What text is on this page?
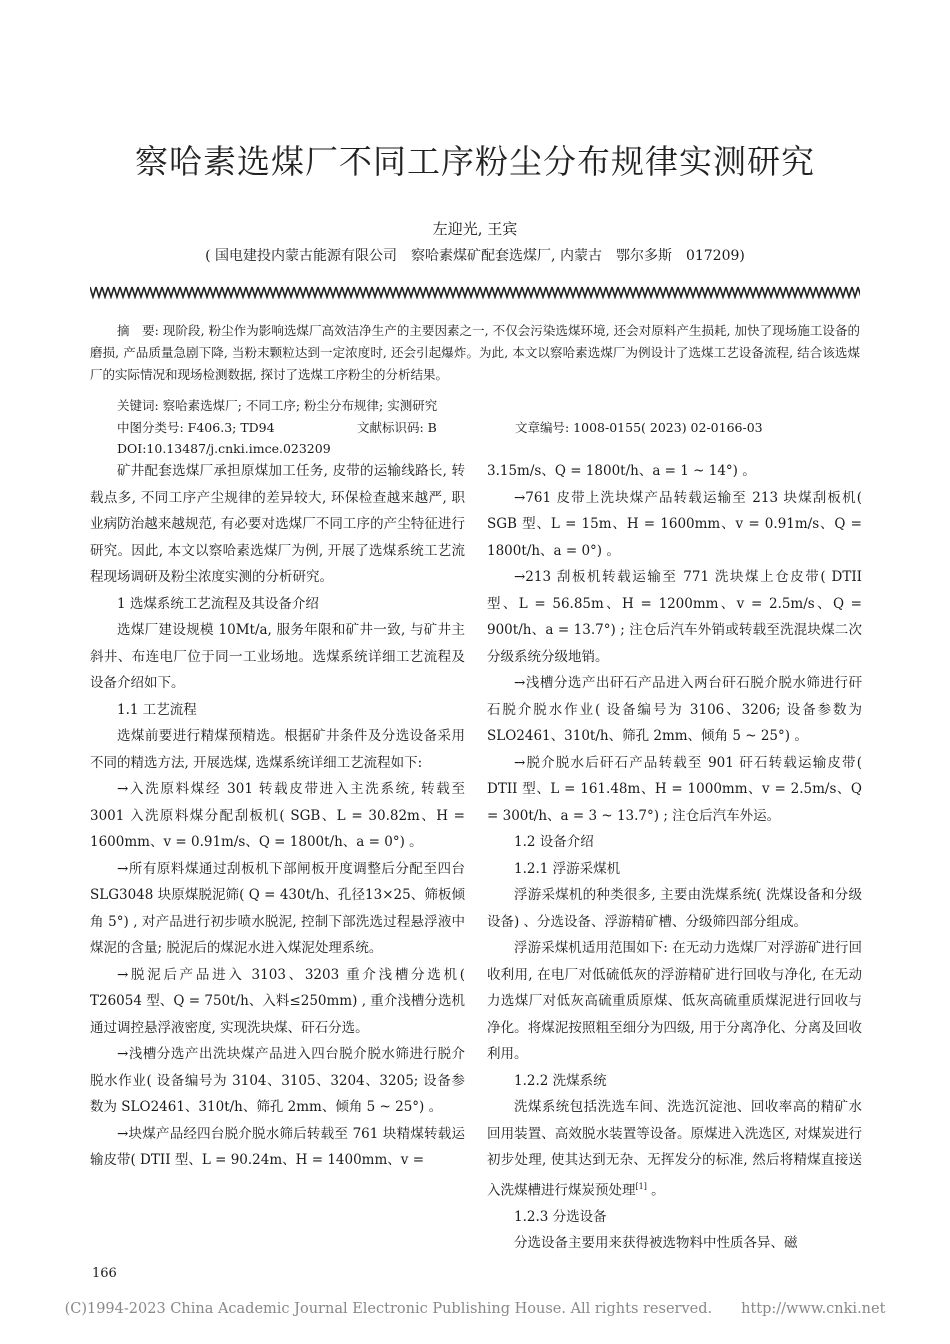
察哈素选煤厂不同工序粉尘分布规律实测研究
左迎光, 王宾
( 国电建投内蒙古能源有限公司　察哈素煤矿配套选煤厂, 内蒙古　鄂尔多斯　017209)
摘　要: 现阶段, 粉尘作为影响选煤厂高效洁净生产的主要因素之一, 不仅会污染选煤环境, 还会对原料产生损耗, 加快了现场施工设备的磨损, 产品质量急剧下降, 当粉末颗粒达到一定浓度时, 还会引起爆炸。为此, 本文以察哈素选煤厂为例设计了选煤工艺设备流程, 结合该选煤厂的实际情况和现场检测数据, 探讨了选煤工序粉尘的分析结果。
关键词: 察哈素选煤厂; 不同工序; 粉尘分布规律; 实测研究
中图分类号: F406.3; TD94	文献标识码: B	文章编号: 1008-0155( 2023) 02-0166-03
DOI:10.13487/j.cnki.imce.023209

矿井配套选煤厂承担原煤加工任务, 皮带的运输线路长, 转载点多, 不同工序产尘规律的差异较大, 环保检查越来越严, 职业病防治越来越规范, 有必要对选煤厂不同工序的产尘特征进行研究。因此, 本文以察哈素选煤厂为例, 开展了选煤系统工艺流程现场调研及粉尘浓度实测的分析研究。

1 选煤系统工艺流程及其设备介绍

选煤厂建设规模 10Mt/a, 服务年限和矿井一致, 与矿井主斜井、布连电厂位于同一工业场地。选煤系统详细工艺流程及设备介绍如下。

1.1 工艺流程

选煤前要进行精煤预精选。根据矿井条件及分选设备采用不同的精选方法, 开展选煤, 选煤系统详细工艺流程如下:

→入洗原料煤经 301 转载皮带进入主洗系统, 转载至 3001 入洗原料煤分配刮板机( SGB、L = 30.82m、H = 1600mm、v = 0.91m/s、Q = 1800t/h、a = 0°) 。

→所有原料煤通过刮板机下部闸板开度调整后分配至四台 SLG3048 块原煤脱泥筛( Q = 430t/h、孔径13×25、筛板倾角 5°) , 对产品进行初步喷水脱泥, 控制下部洗选过程悬浮液中煤泥的含量; 脱泥后的煤泥水进入煤泥处理系统。

→脱泥后产品进入 3103、3203 重介浅槽分选机( T26054 型、Q = 750t/h、入料≤250mm) , 重介浅槽分选机通过调控悬浮液密度, 实现洗块煤、矸石分选。

→浅槽分选产出洗块煤产品进入四台脱介脱水筛进行脱介脱水作业( 设备编号为 3104、3105、3204、3205; 设备参数为 SLO2461、310t/h、筛孔 2mm、倾角 5 ~ 25°) 。

→块煤产品经四台脱介脱水筛后转载至 761 块精煤转载运输皮带( DTII 型、L = 90.24m、H = 1400mm、v =

3.15m/s、Q = 1800t/h、a = 1 ~ 14°) 。

→761 皮带上洗块煤产品转载运输至 213 块煤刮板机( SGB 型、L = 15m、H = 1600mm、v = 0.91m/s、Q = 1800t/h、a = 0°) 。

→213 刮板机转载运输至 771 洗块煤上仓皮带( DTII 型、L = 56.85m、H = 1200mm、v = 2.5m/s、Q = 900t/h、a = 13.7°) ; 注仓后汽车外销或转载至洗混块煤二次分级系统分级地销。

→浅槽分选产出矸石产品进入两台矸石脱介脱水筛进行矸石脱介脱水作业( 设备编号为 3106、3206; 设备参数为 SLO2461、310t/h、筛孔 2mm、倾角 5 ~ 25°) 。

→脱介脱水后矸石产品转载至 901 矸石转载运输皮带( DTII 型、L = 161.48m、H = 1000mm、v = 2.5m/s、Q = 300t/h、a = 3 ~ 13.7°) ; 注仓后汽车外运。

1.2 设备介绍

1.2.1 浮游采煤机

浮游采煤机的种类很多, 主要由洗煤系统( 洗煤设备和分级设备) 、分选设备、浮游精矿槽、分级筛四部分组成。

浮游采煤机适用范围如下: 在无动力选煤厂对浮游矿进行回收利用, 在电厂对低硫低灰的浮游精矿进行回收与净化, 在无动力选煤厂对低灰高硫重质原煤、低灰高硫重质煤泥进行回收与净化。将煤泥按照粗至细分为四级, 用于分离净化、分离及回收利用。

1.2.2 洗煤系统

洗煤系统包括洗选车间、洗选沉淀池、回收率高的精矿水回用装置、高效脱水装置等设备。原煤进入洗选区, 对煤炭进行初步处理, 使其达到无杂、无挥发分的标准, 然后将精煤直接送入洗煤槽进行煤炭预处理[1] 。

1.2.3 分选设备

分选设备主要用来获得被选物料中性质各异、磁

166
(C)1994-2023 China Academic Journal Electronic Publishing House. All rights reserved.　　http://www.cnki.net
